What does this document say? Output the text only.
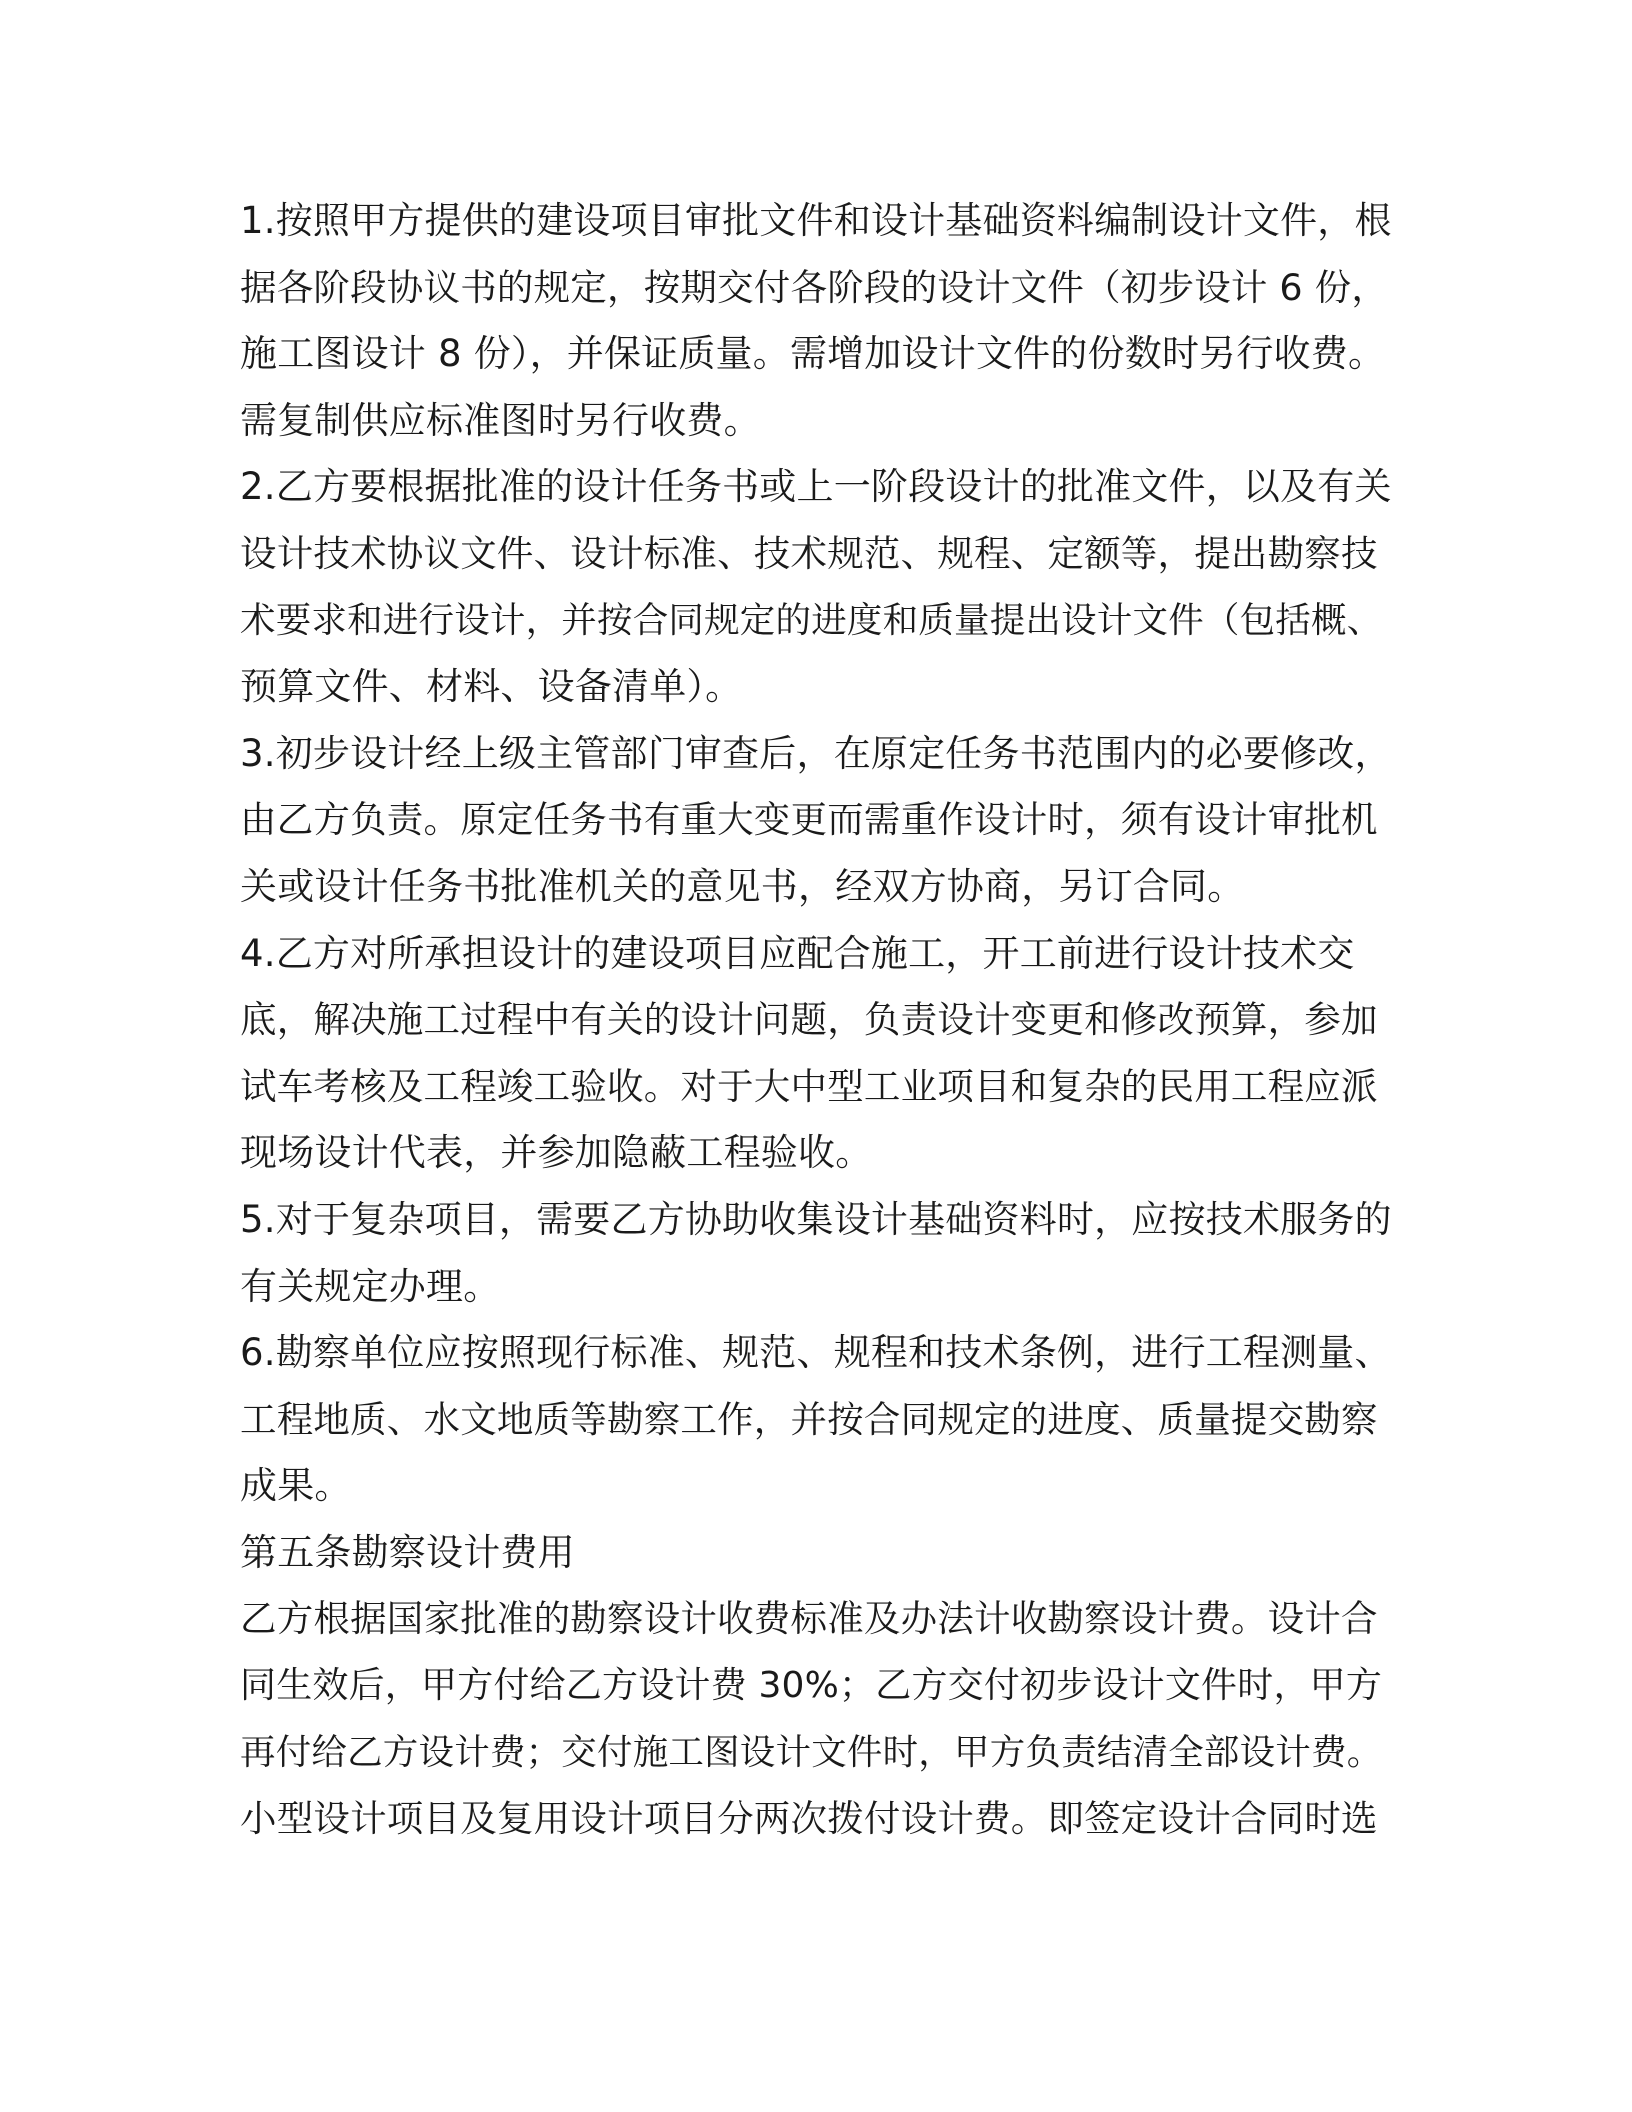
1.按照甲方提供的建设项目审批文件和设计基础资料编制设计文件，根
据各阶段协议书的规定，按期交付各阶段的设计文件（初步设计 6 份，
施工图设计 8 份），并保证质量。需增加设计文件的份数时另行收费。
需复制供应标准图时另行收费。
2.乙方要根据批准的设计任务书或上一阶段设计的批准文件，以及有关
设计技术协议文件、设计标准、技术规范、规程、定额等，提出勘察技
术要求和进行设计，并按合同规定的进度和质量提出设计文件（包括概、
预算文件、材料、设备清单）。
3.初步设计经上级主管部门审查后，在原定任务书范围内的必要修改，
由乙方负责。原定任务书有重大变更而需重作设计时，须有设计审批机
关或设计任务书批准机关的意见书，经双方协商，另订合同。
4.乙方对所承担设计的建设项目应配合施工，开工前进行设计技术交
底，解决施工过程中有关的设计问题，负责设计变更和修改预算，参加
试车考核及工程竣工验收。对于大中型工业项目和复杂的民用工程应派
现场设计代表，并参加隐蔽工程验收。
5.对于复杂项目，需要乙方协助收集设计基础资料时，应按技术服务的
有关规定办理。
6.勘察单位应按照现行标准、规范、规程和技术条例，进行工程测量、
工程地质、水文地质等勘察工作，并按合同规定的进度、质量提交勘察
成果。
第五条勘察设计费用
乙方根据国家批准的勘察设计收费标准及办法计收勘察设计费。设计合
同生效后，甲方付给乙方设计费 30%；乙方交付初步设计文件时，甲方
再付给乙方设计费；交付施工图设计文件时，甲方负责结清全部设计费。
小型设计项目及复用设计项目分两次拨付设计费。即签定设计合同时选
